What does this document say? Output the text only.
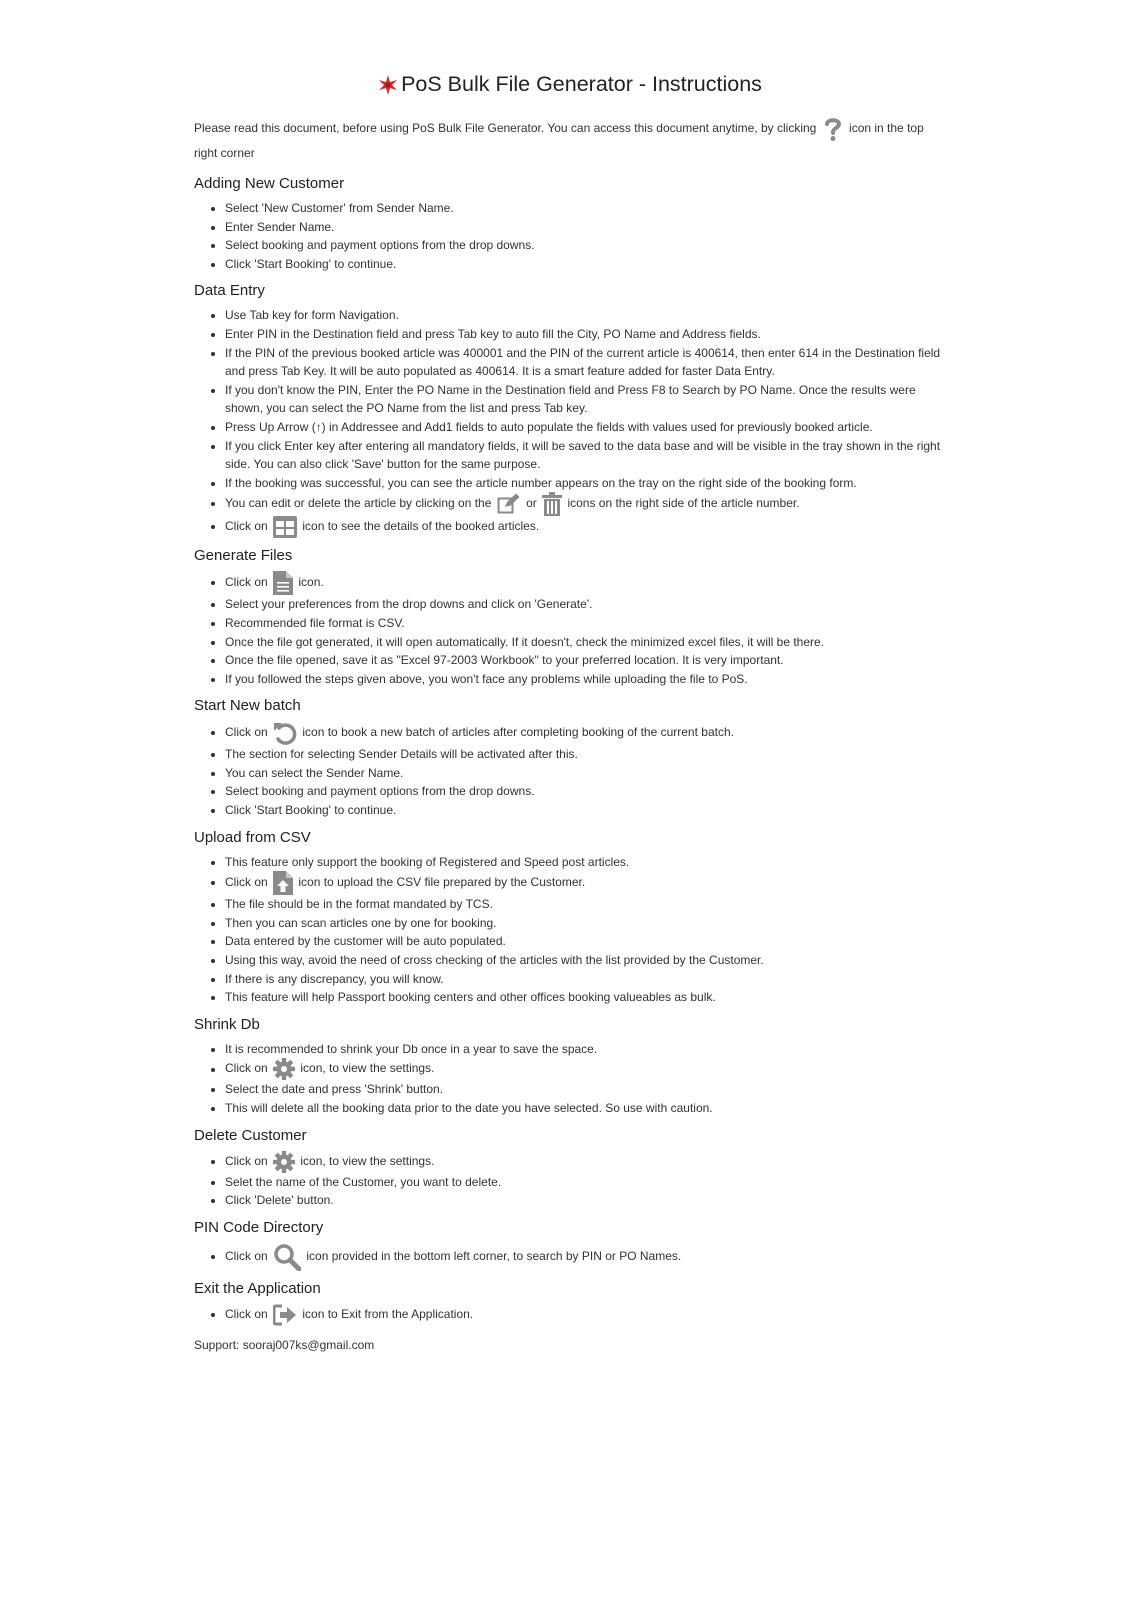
PoS Bulk File Generator - Instructions

Please read this document, before using PoS Bulk File Generator. You can access this document anytime, by clicking	icon in the top right corner

Adding New Customer
• Select 'New Customer' from Sender Name.
• Enter Sender Name.
• Select booking and payment options from the drop downs.
• Click 'Start Booking' to continue.
Data Entry
• Use Tab key for form Navigation.
• Enter PIN in the Destination field and press Tab key to auto fill the City, PO Name and Address fields.
• If the PIN of the previous booked article was 400001 and the PIN of the current article is 400614, then enter 614 in the Destination field and press Tab Key. It will be auto populated as 400614. It is a smart feature added for faster Data Entry.
• If you don't know the PIN, Enter the PO Name in the Destination field and Press F8 to Search by PO Name. Once the results were shown, you can select the PO Name from the list and press Tab key.
• Press Up Arrow (↑) in Addressee and Add1 fields to auto populate the fields with values used for previously booked article.
• If you click Enter key after entering all mandatory fields, it will be saved to the data base and will be visible in the tray shown in the right side. You can also click 'Save' button for the same purpose.
• If the booking was successful, you can see the article number appears on the tray on the right side of the booking form.
• You can edit or delete the article by clicking on the	or	icons on the right side of the article number.
• Click on	icon to see the details of the booked articles.
Generate Files
• Click on	icon.
• Select your preferences from the drop downs and click on 'Generate'.
• Recommended file format is CSV.
• Once the file got generated, it will open automatically. If it doesn't, check the minimized excel files, it will be there.
• Once the file opened, save it as "Excel 97-2003 Workbook" to your preferred location. It is very important.
• If you followed the steps given above, you won't face any problems while uploading the file to PoS.
Start New batch
• Click on	icon to book a new batch of articles after completing booking of the current batch.
• The section for selecting Sender Details will be activated after this.
• You can select the Sender Name.
• Select booking and payment options from the drop downs.
• Click 'Start Booking' to continue.
Upload from CSV
• This feature only support the booking of Registered and Speed post articles.
• Click on	icon to upload the CSV file prepared by the Customer.
• The file should be in the format mandated by TCS.
• Then you can scan articles one by one for booking.
• Data entered by the customer will be auto populated.
• Using this way, avoid the need of cross checking of the articles with the list provided by the Customer.
• If there is any discrepancy, you will know.
• This feature will help Passport booking centers and other offices booking valueables as bulk.
Shrink Db
• It is recommended to shrink your Db once in a year to save the space.
• Click on	icon, to view the settings.
• Select the date and press 'Shrink' button.
• This will delete all the booking data prior to the date you have selected. So use with caution.
Delete Customer
• Click on	icon, to view the settings.
• Selet the name of the Customer, you want to delete.
• Click 'Delete' button.
PIN Code Directory
• Click on	icon provided in the bottom left corner, to search by PIN or PO Names.
Exit the Application
• Click on	icon to Exit from the Application.
Support: sooraj007ks@gmail.com
